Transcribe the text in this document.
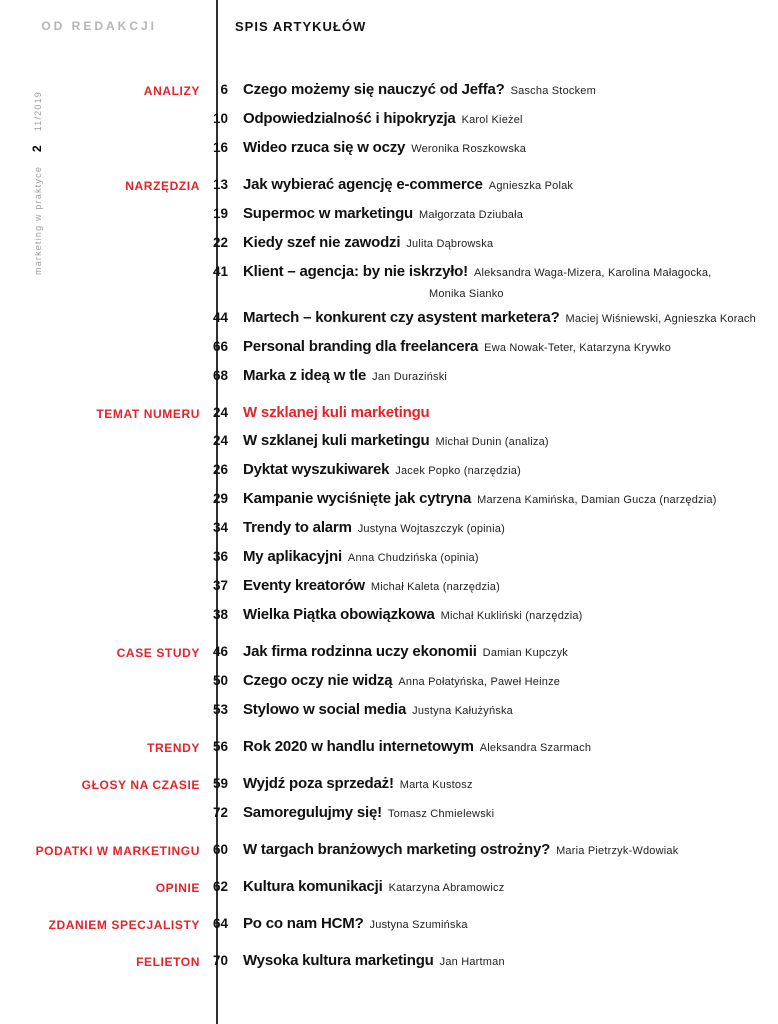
marketing w praktyce211/2019
OD REDAKCJI	SPIS ARTYKUŁÓW
ANALIZY	6 Czego możemy się nauczyć od Jeffa? Sascha Stockem
10 Odpowiedzialność i hipokryzja Karol Kieżel
16 Wideo rzuca się w oczy Weronika Roszkowska
NARZĘDZIA 13 Jak wybierać agencję e-commerce Agnieszka Polak
19 Supermoc w marketingu Małgorzata Dziubała
22 Kiedy szef nie zawodzi Julita Dąbrowska
41 Klient – agencja: by nie iskrzyło! Aleksandra Waga-Mizera, Karolina Małagocka,
Monika Sianko
44 Martech – konkurent czy asystent marketera? Maciej Wiśniewski, Agnieszka Korach
66 Personal branding dla freelancera Ewa Nowak-Teter, Katarzyna Krywko
68 Marka z ideą w tle Jan Duraziński
TEMAT NUMERU 24 W szklanej kuli marketingu
24 W szklanej kuli marketingu Michał Dunin (analiza)
26 Dyktat wyszukiwarek Jacek Popko (narzędzia)
29 Kampanie wyciśnięte jak cytryna Marzena Kamińska, Damian Gucza (narzędzia)
34 Trendy to alarm Justyna Wojtaszczyk (opinia)
36 My aplikacyjni Anna Chudzińska (opinia)
37 Eventy kreatorów Michał Kaleta (narzędzia)
38 Wielka Piątka obowiązkowa Michał Kukliński (narzędzia)
CASE STUDY 46 Jak firma rodzinna uczy ekonomii Damian Kupczyk
50 Czego oczy nie widzą Anna Połatyńska, Paweł Heinze
53 Stylowo w social media Justyna Kałużyńska
TRENDY 56 Rok 2020 w handlu internetowym Aleksandra Szarmach
GŁOSY NA CZASIE 59 Wyjdź poza sprzedaż! Marta Kustosz
72 Samoregulujmy się! Tomasz Chmielewski
PODATKI W MARKETINGU 60 W targach branżowych marketing ostrożny? Maria Pietrzyk-Wdowiak
OPINIE 62 Kultura komunikacji Katarzyna Abramowicz
ZDANIEM SPECJALISTY 64 Po co nam HCM? Justyna Szumińska
FELIETON 70 Wysoka kultura marketingu Jan Hartman
